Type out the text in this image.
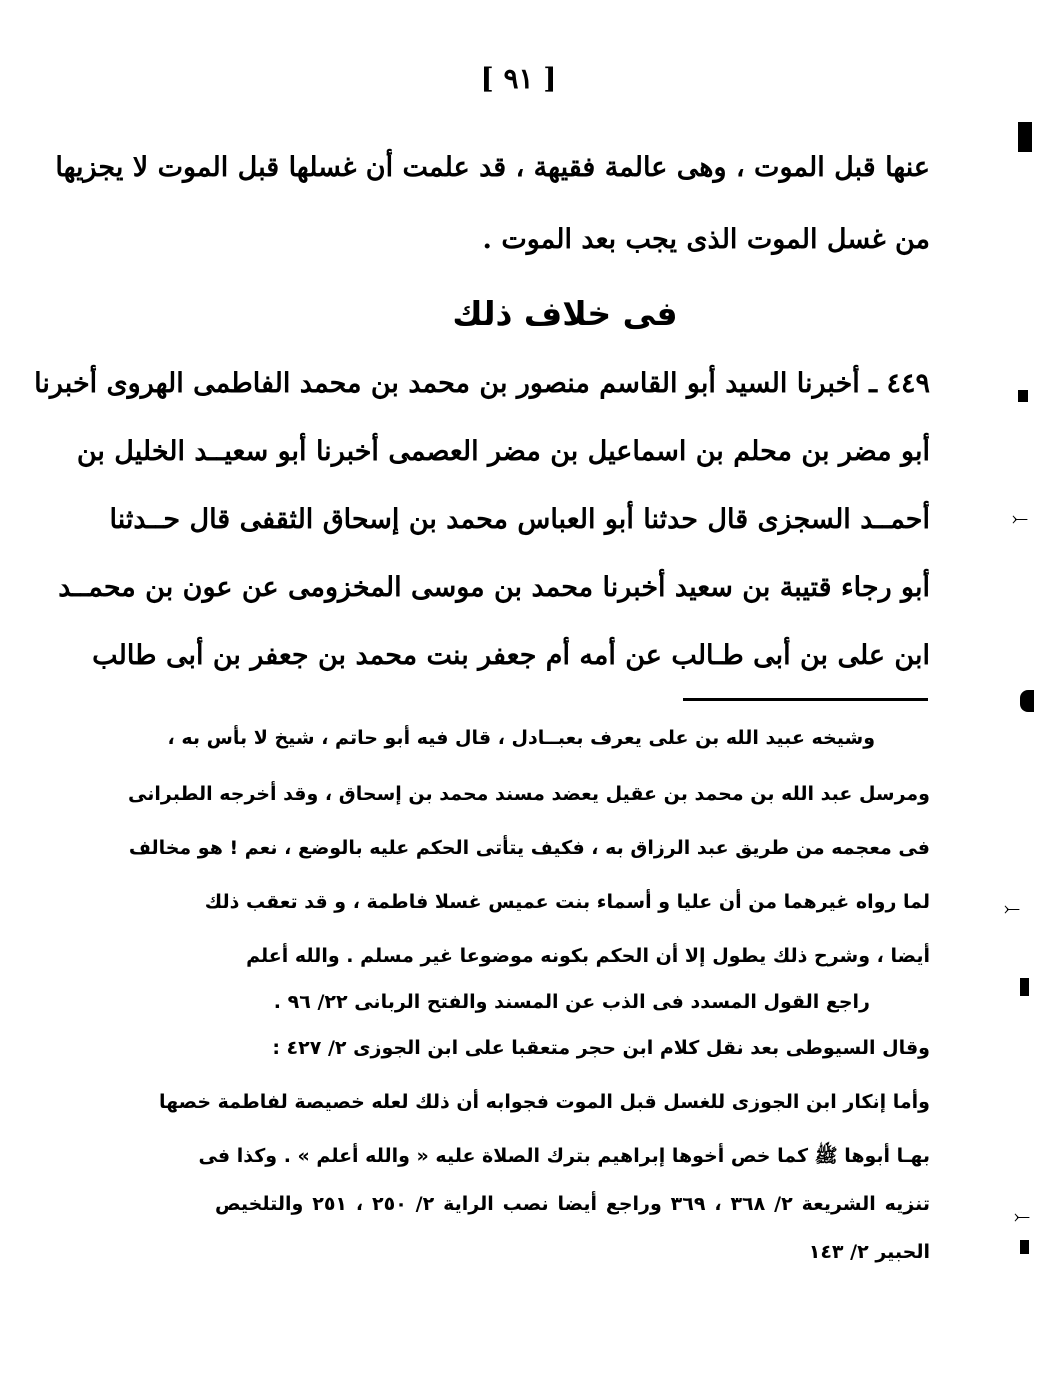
[ ٩١ ]
عنها قبل الموت ، وهى عالمة فقيهة ، قد علمت أن غسلها قبل الموت لا يجزيها
من غسل الموت الذى يجب بعد الموت .
فى خلاف ذلك
٤٤٩ ـ أخبرنا السيد أبو القاسم منصور بن محمد بن محمد الفاطمى الهروى أخبرنا
أبو مضر بن محلم بن اسماعيل بن مضر العصمى أخبرنا أبو سعيــد الخليل بن
أحمــد السجزى قال حدثنا أبو العباس محمد بن إسحاق الثقفى قال حــدثنا
أبو رجاء قتيبة بن سعيد أخبرنا محمد بن موسى المخزومى عن عون بن محمــد
ابن على بن أبى طـالب عن أمه أم جعفر بنت محمد بن جعفر بن أبى طالب
وشيخه عبيد الله بن على يعرف بعبــادل ، قال فيه أبو حاتم ، شيخ لا بأس به ،
ومرسل عبد الله بن محمد بن عقيل يعضد مسند محمد بن إسحاق ، وقد أخرجه الطبرانى
فى معجمه من طريق عبد الرزاق به ، فكيف يتأتى الحكم عليه بالوضع ، نعم ! هو مخالف
لما رواه غيرهما من أن عليا و أسماء بنت عميس غسلا فاطمة ، و قد تعقب ذلك
أيضا ، وشرح ذلك يطول إلا أن الحكم بكونه موضوعا غير مسلم . والله أعلم
راجع القول المسدد فى الذب عن المسند والفتح الربانى ٢٢/ ٩٦ .
وقال السيوطى بعد نقل كلام ابن حجر متعقبا على ابن الجوزى ٢/ ٤٢٧ :
وأما إنكار ابن الجوزى للغسل قبل الموت فجوابه أن ذلك لعله خصيصة لفاطمة خصها
بهـا أبوها ﷺ كما خص أخوها إبراهيم بترك الصلاة عليه « والله أعلم » . وكذا فى
تنزيه الشريعة ٢/ ٣٦٨ ، ٣٦٩ وراجع أيضا نصب الراية ٢/ ٢٥٠ ، ٢٥١ والتلخيص
الحبير ٢/ ١٤٣
⤚
⤚
⤚
